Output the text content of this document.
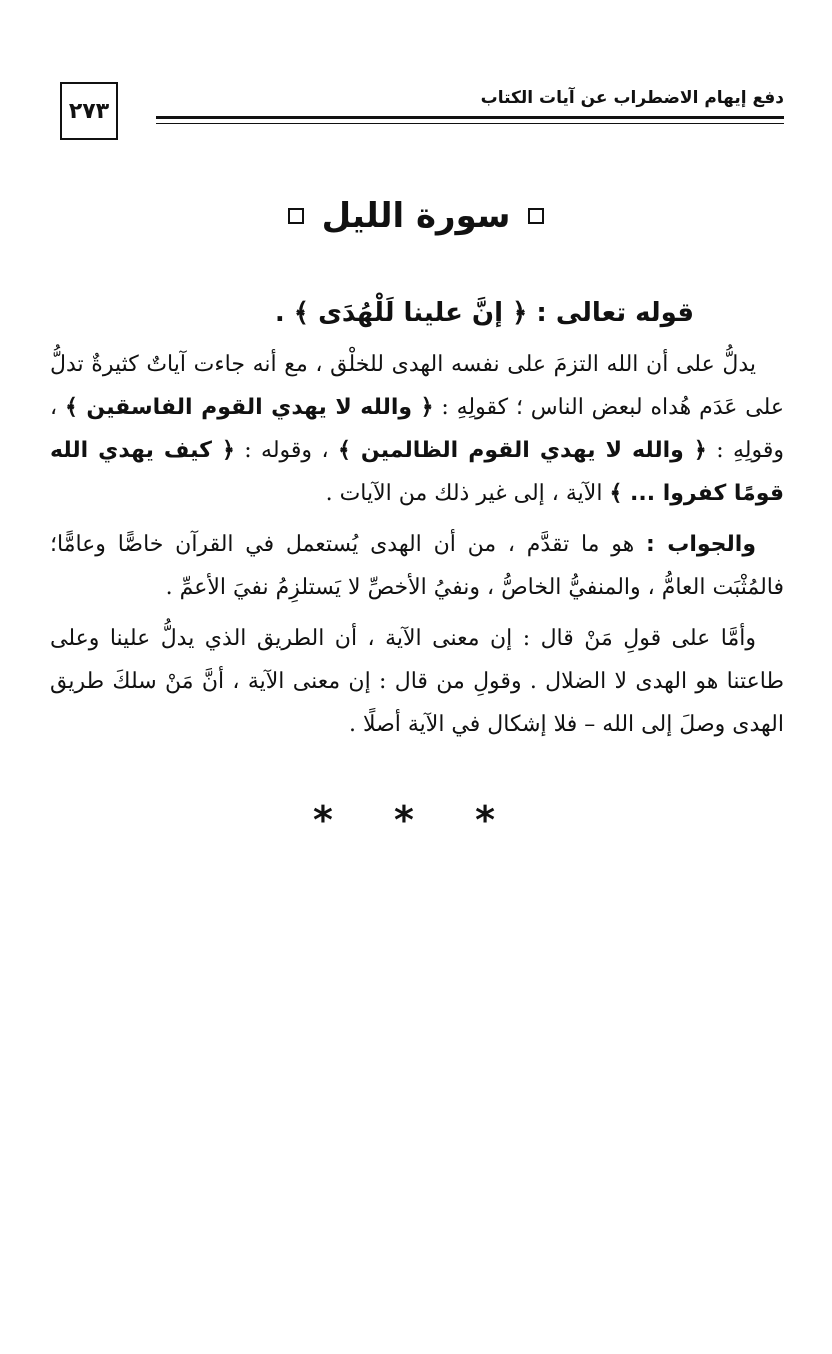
٢٧٣
دفع إيهام الاضطراب عن آيات الكتاب
سورة الليل

قوله تعالى : ﴿ إنَّ علينا لَلْهُدَى ﴾ .

يدلُّ على أن الله التزمَ على نفسه الهدى للخلْق ، مع أنه جاءت آياتٌ كثيرةٌ تدلُّ على عَدَم هُداه لبعض الناس ؛ كقولِهِ : ﴿ والله لا يهدي القوم الفاسقين ﴾ ، وقولِهِ : ﴿ والله لا يهدي القوم الظالمين ﴾ ، وقوله : ﴿ كيف يهدي الله قومًا كفروا ... ﴾ الآية ، إلى غير ذلك من الآيات .

والجواب : هو ما تقدَّم ، من أن الهدى يُستعمل في القرآن خاصًّا وعامًّا؛ فالمُثْبَت العامُّ ، والمنفيُّ الخاصُّ ، ونفيُ الأخصِّ لا يَستلزِمُ نفيَ الأعمِّ .

وأمَّا على قولِ مَنْ قال : إن معنى الآية ، أن الطريق الذي يدلُّ علينا وعلى طاعتنا هو الهدى لا الضلال . وقولِ من قال : إن معنى الآية ، أنَّ مَنْ سلكَ طريق الهدى وصلَ إلى الله – فلا إشكال في الآية أصلًا .

* * *
